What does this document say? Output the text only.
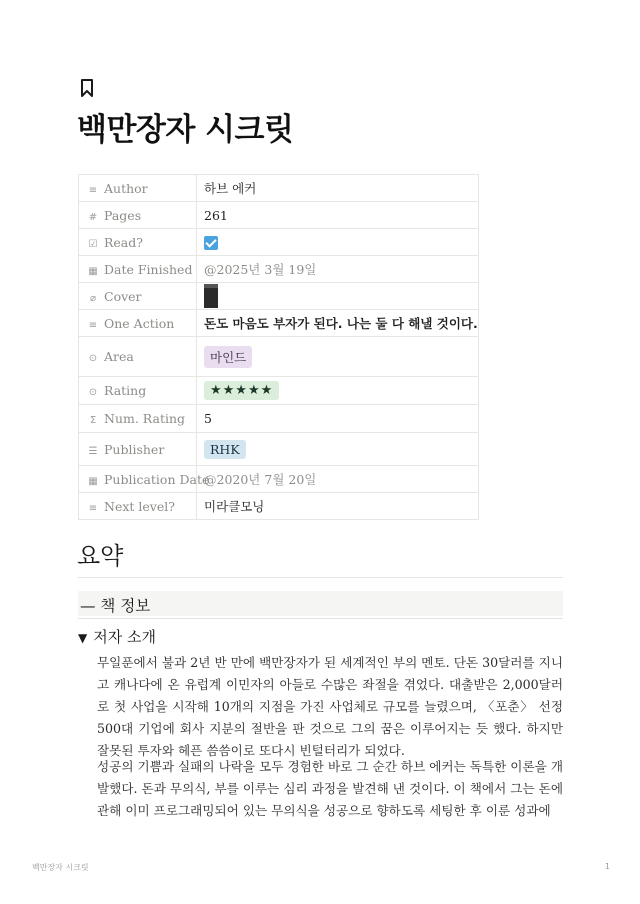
백만장자 시크릿
≡ Author	하브 에커
# Pages	261
☑ Read?	
▦ Date Finished	@2025년 3월 19일
⌀ Cover	
≡ One Action	돈도 마음도 부자가 된다. 나는 둘 다 해낼 것이다.
⊙ Area	마인드
⊙ Rating	★★★★★
Σ Num. Rating	5
☰ Publisher	RHK
▦ Publication Date	@2020년 7월 20일
≡ Next level?	미라클모닝
요약
— 책 정보
▼ 저자 소개

무일푼에서 불과 2년 반 만에 백만장자가 된 세계적인 부의 멘토. 단돈 30달러를 지니고 캐나다에 온 유럽계 이민자의 아들로 수많은 좌절을 겪었다. 대출받은 2,000달러로 첫 사업을 시작해 10개의 지점을 가진 사업체로 규모를 늘렸으며, 〈포춘〉 선정 500대 기업에 회사 지분의 절반을 판 것으로 그의 꿈은 이루어지는 듯 했다. 하지만 잘못된 투자와 헤픈 씀씀이로 또다시 빈털터리가 되었다.

성공의 기쁨과 실패의 나락을 모두 경험한 바로 그 순간 하브 에커는 독특한 이론을 개발했다. 돈과 무의식, 부를 이루는 심리 과정을 발견해 낸 것이다. 이 책에서 그는 돈에 관해 이미 프로그래밍되어 있는 무의식을 성공으로 향하도록 세팅한 후 이룬 성과에

백만장자 시크릿	1
